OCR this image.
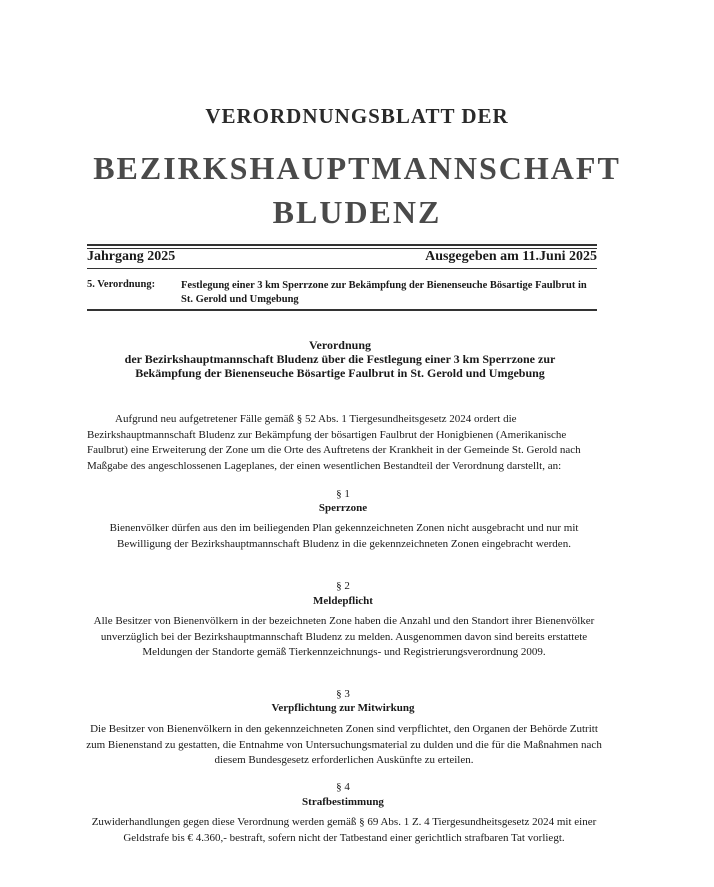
VERORDNUNGSBLATT DER
BEZIRKSHAUPTMANNSCHAFT
BLUDENZ
Jahrgang 2025	Ausgegeben am 11.Juni 2025
5. Verordnung: Festlegung einer 3 km Sperrzone zur Bekämpfung der Bienenseuche Bösartige Faulbrut in St. Gerold und Umgebung
Verordnung
der Bezirkshauptmannschaft Bludenz über die Festlegung einer 3 km Sperrzone zur
Bekämpfung der Bienenseuche Bösartige Faulbrut in St. Gerold und Umgebung
Aufgrund neu aufgetretener Fälle gemäß § 52 Abs. 1 Tiergesundheitsgesetz 2024 ordert die Bezirkshauptmannschaft Bludenz zur Bekämpfung der bösartigen Faulbrut der Honigbienen (Amerikanische Faulbrut) eine Erweiterung der Zone um die Orte des Auftretens der Krankheit in der Gemeinde St. Gerold nach Maßgabe des angeschlossenen Lageplanes, der einen wesentlichen Bestandteil der Verordnung darstellt, an:
§ 1
Sperrzone
Bienenvölker dürfen aus den im beiliegenden Plan gekennzeichneten Zonen nicht ausgebracht und nur mit Bewilligung der Bezirkshauptmannschaft Bludenz in die gekennzeichneten Zonen eingebracht werden.
§ 2
Meldepflicht
Alle Besitzer von Bienenvölkern in der bezeichneten Zone haben die Anzahl und den Standort ihrer Bienenvölker unverzüglich bei der Bezirkshauptmannschaft Bludenz zu melden. Ausgenommen davon sind bereits erstattete Meldungen der Standorte gemäß Tierkennzeichnungs- und Registrierungsverordnung 2009.
§ 3
Verpflichtung zur Mitwirkung
Die Besitzer von Bienenvölkern in den gekennzeichneten Zonen sind verpflichtet, den Organen der Behörde Zutritt zum Bienenstand zu gestatten, die Entnahme von Untersuchungsmaterial zu dulden und die für die Maßnahmen nach diesem Bundesgesetz erforderlichen Auskünfte zu erteilen.
§ 4
Strafbestimmung
Zuwiderhandlungen gegen diese Verordnung werden gemäß § 69 Abs. 1 Z. 4 Tiergesundheitsgesetz 2024 mit einer Geldstrafe bis € 4.360,- bestraft, sofern nicht der Tatbestand einer gerichtlich strafbaren Tat vorliegt.
